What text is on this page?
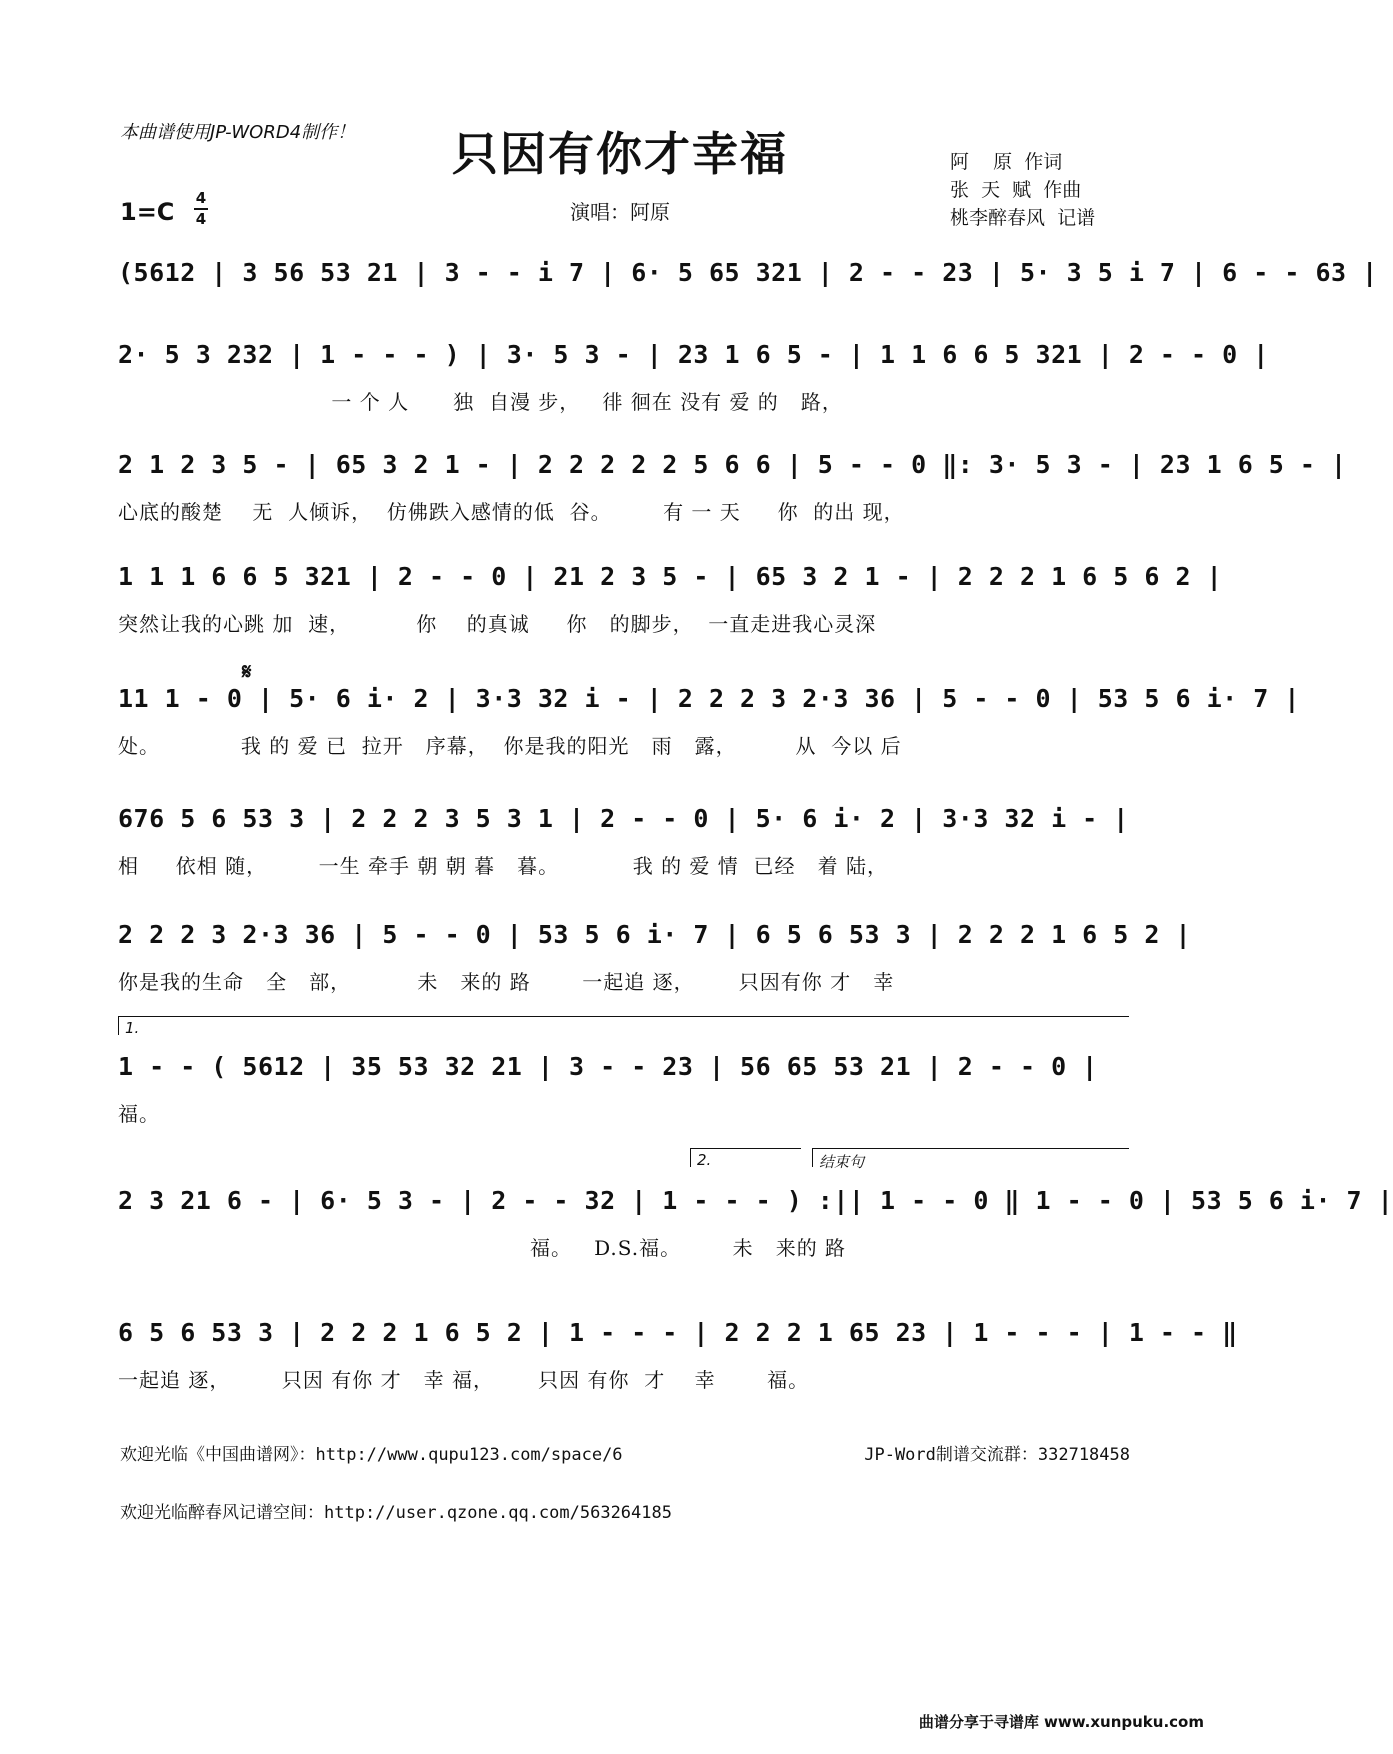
本曲谱使用JP-WORD4制作！	只因有你才幸福	阿    原  作词
张  天  赋  作曲
桃李醉春风  记谱
1=C 4
4	演唱：阿原
(5612 | 3 56 53 21 | 3 - - i 7 | 6· 5 65 321 | 2 - - 23 | 5· 3 5 i 7 | 6 - - 63 |
2· 5 3 232 | 1 - - - ) | 3· 5 3 - | 23 1 6 5 - | 1 1 6 6 5 321 | 2 - - 0 |
一 个 人      独  自漫 步，   徘 徊在 没有 爱 的   路，
2 1 2 3 5 - | 65 3 2 1 - | 2 2 2 2 2 5 6 6 | 5 - - 0 ‖: 3· 5 3 - | 23 1 6 5 - |
心底的酸楚    无  人倾诉，  仿佛跌入感情的低  谷。       有 一 天     你  的出 现，
1 1 1 6 6 5 321 | 2 - - 0 | 21 2 3 5 - | 65 3 2 1 - | 2 2 2 1 6 5 6 2 |
突然让我的心跳 加  速，         你    的真诚     你   的脚步，  一直走进我心灵深
𝄋
11 1 - 0 | 5· 6 i· 2 | 3·3 32 i - | 2 2 2 3 2·3 36 | 5 - - 0 | 53 5 6 i· 7 |
处。           我 的 爱 已  拉开   序幕，  你是我的阳光   雨   露，        从  今以 后
676 5 6 53 3 | 2 2 2 3 5 3 1 | 2 - - 0 | 5· 6 i· 2 | 3·3 32 i - |
相     依相 随，       一生 牵手 朝 朝 暮   暮。          我 的 爱 情  已经   着 陆，
2 2 2 3 2·3 36 | 5 - - 0 | 53 5 6 i· 7 | 6 5 6 53 3 | 2 2 2 1 6 5 2 |
你是我的生命   全   部，         未   来的 路       一起追 逐，      只因有你 才   幸
1.
1 - - ( 5612 | 35 53 32 21 | 3 - - 23 | 56 65 53 21 | 2 - - 0 |
福。
2.	结束句
2 3 21 6 - | 6· 5 3 - | 2 - - 32 | 1 - - - ) :|| 1 - - 0 ‖ 1 - - 0 | 53 5 6 i· 7 |
福。   D.S.福。       未   来的 路
6 5 6 53 3 | 2 2 2 1 6 5 2 | 1 - - - | 2 2 2 1 65 23 | 1 - - - | 1 - - ‖
一起追 逐，       只因 有你 才   幸 福，      只因 有你  才    幸       福。
欢迎光临《中国曲谱网》：http://www.qupu123.com/space/6	JP-Word制谱交流群：332718458
欢迎光临醉春风记谱空间：http://user.qzone.qq.com/563264185
曲谱分享于寻谱库 www.xunpuku.com
